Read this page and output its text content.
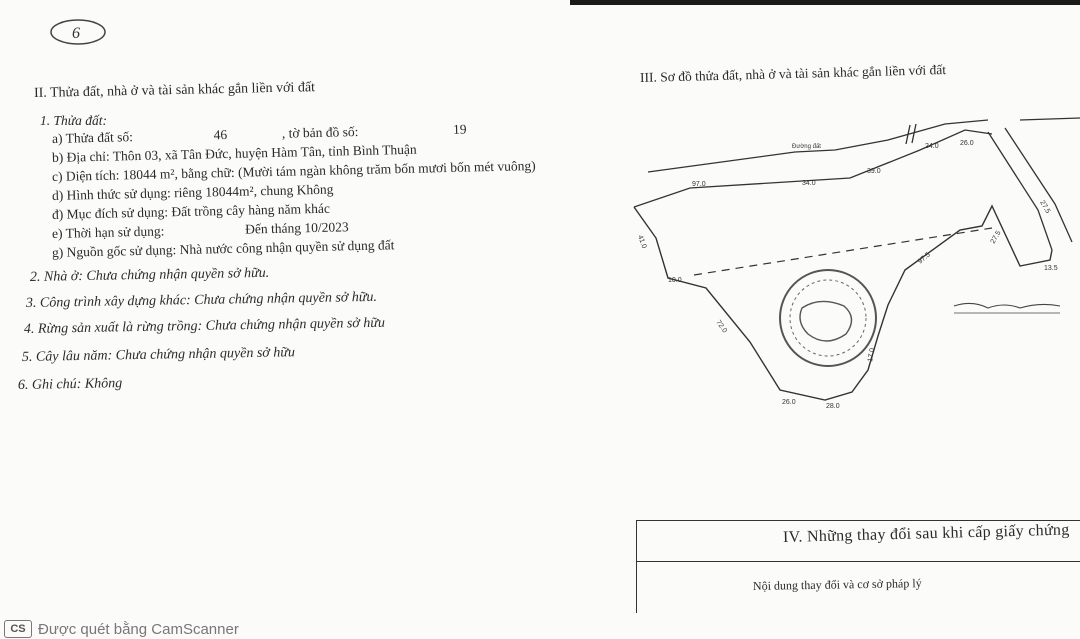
6
II. Thửa đất, nhà ở và tài sản khác gắn liền với đất
1. Thửa đất:
a) Thửa đất số:	46	, tờ bản đồ số:	19
b) Địa chỉ: Thôn 03, xã Tân Đức, huyện Hàm Tân, tỉnh Bình Thuận
c) Diện tích: 18044 m², bằng chữ: (Mười tám ngàn không trăm bốn mươi bốn mét vuông)
d) Hình thức sử dụng: riêng 18044m², chung Không
đ) Mục đích sử dụng: Đất trồng cây hàng năm khác
e) Thời hạn sử dụng:	Đến tháng 10/2023
g) Nguồn gốc sử dụng: Nhà nước công nhận quyền sử dụng đất
2. Nhà ở: Chưa chứng nhận quyền sở hữu.
3. Công trình xây dựng khác: Chưa chứng nhận quyền sở hữu.
4. Rừng sản xuất là rừng trồng: Chưa chứng nhận quyền sở hữu
5. Cây lâu năm: Chưa chứng nhận quyền sở hữu
6. Ghi chú: Không
III. Sơ đồ thửa đất, nhà ở và tài sản khác gắn liền với đất
Đường đất
97.0	34.0
39.0
24.0	26.0
41.0
10.0
72.0
26.0
28.0
17.0
97.5
13.5
27.5
27.5
IV. Những thay đổi sau khi cấp giấy chứng
Nội dung thay đổi và cơ sở pháp lý
CS Được quét bằng CamScanner
